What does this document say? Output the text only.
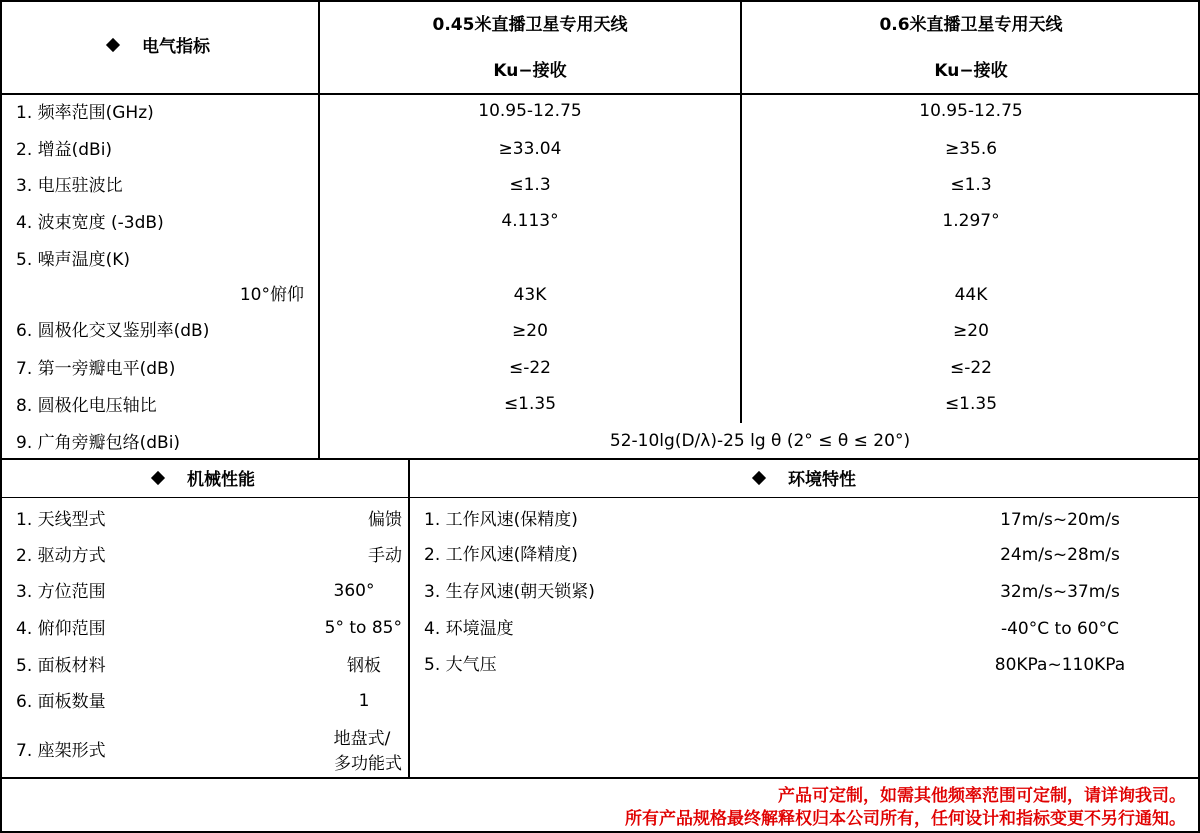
电气指标
0.45米直播卫星专用天线
Ku−接收
0.6米直播卫星专用天线
Ku−接收
1. 频率范围(GHz)	10.95-12.75	10.95-12.75
2. 增益(dBi)	≥33.04	≥35.6
3. 电压驻波比	≤1.3	≤1.3
4. 波束宽度 (-3dB)	4.113°	1.297°
5. 噪声温度(K)
10°俯仰	43K	44K
6. 圆极化交叉鉴别率(dB)	≥20	≥20
7. 第一旁瓣电平(dB)	≤-22	≤-22
8. 圆极化电压轴比	≤1.35	≤1.35
9. 广角旁瓣包络(dBi)	52-10lg(D/λ)-25 lg θ (2° ≤ θ ≤ 20°)
机械性能	环境特性
1. 天线型式	偏馈
2. 驱动方式	手动
3. 方位范围	360°
4. 俯仰范围	5° to 85°
5. 面板材料	钢板
6. 面板数量	1
7. 座架形式
地盘式/
多功能式
1. 工作风速(保精度)	17m/s~20m/s
2. 工作风速(降精度)	24m/s~28m/s
3. 生存风速(朝天锁紧)	32m/s~37m/s
4. 环境温度	-40°C to 60°C
5. 大气压	80KPa~110KPa
产品可定制，如需其他频率范围可定制，请详询我司。
所有产品规格最终解释权归本公司所有，任何设计和指标变更不另行通知。
